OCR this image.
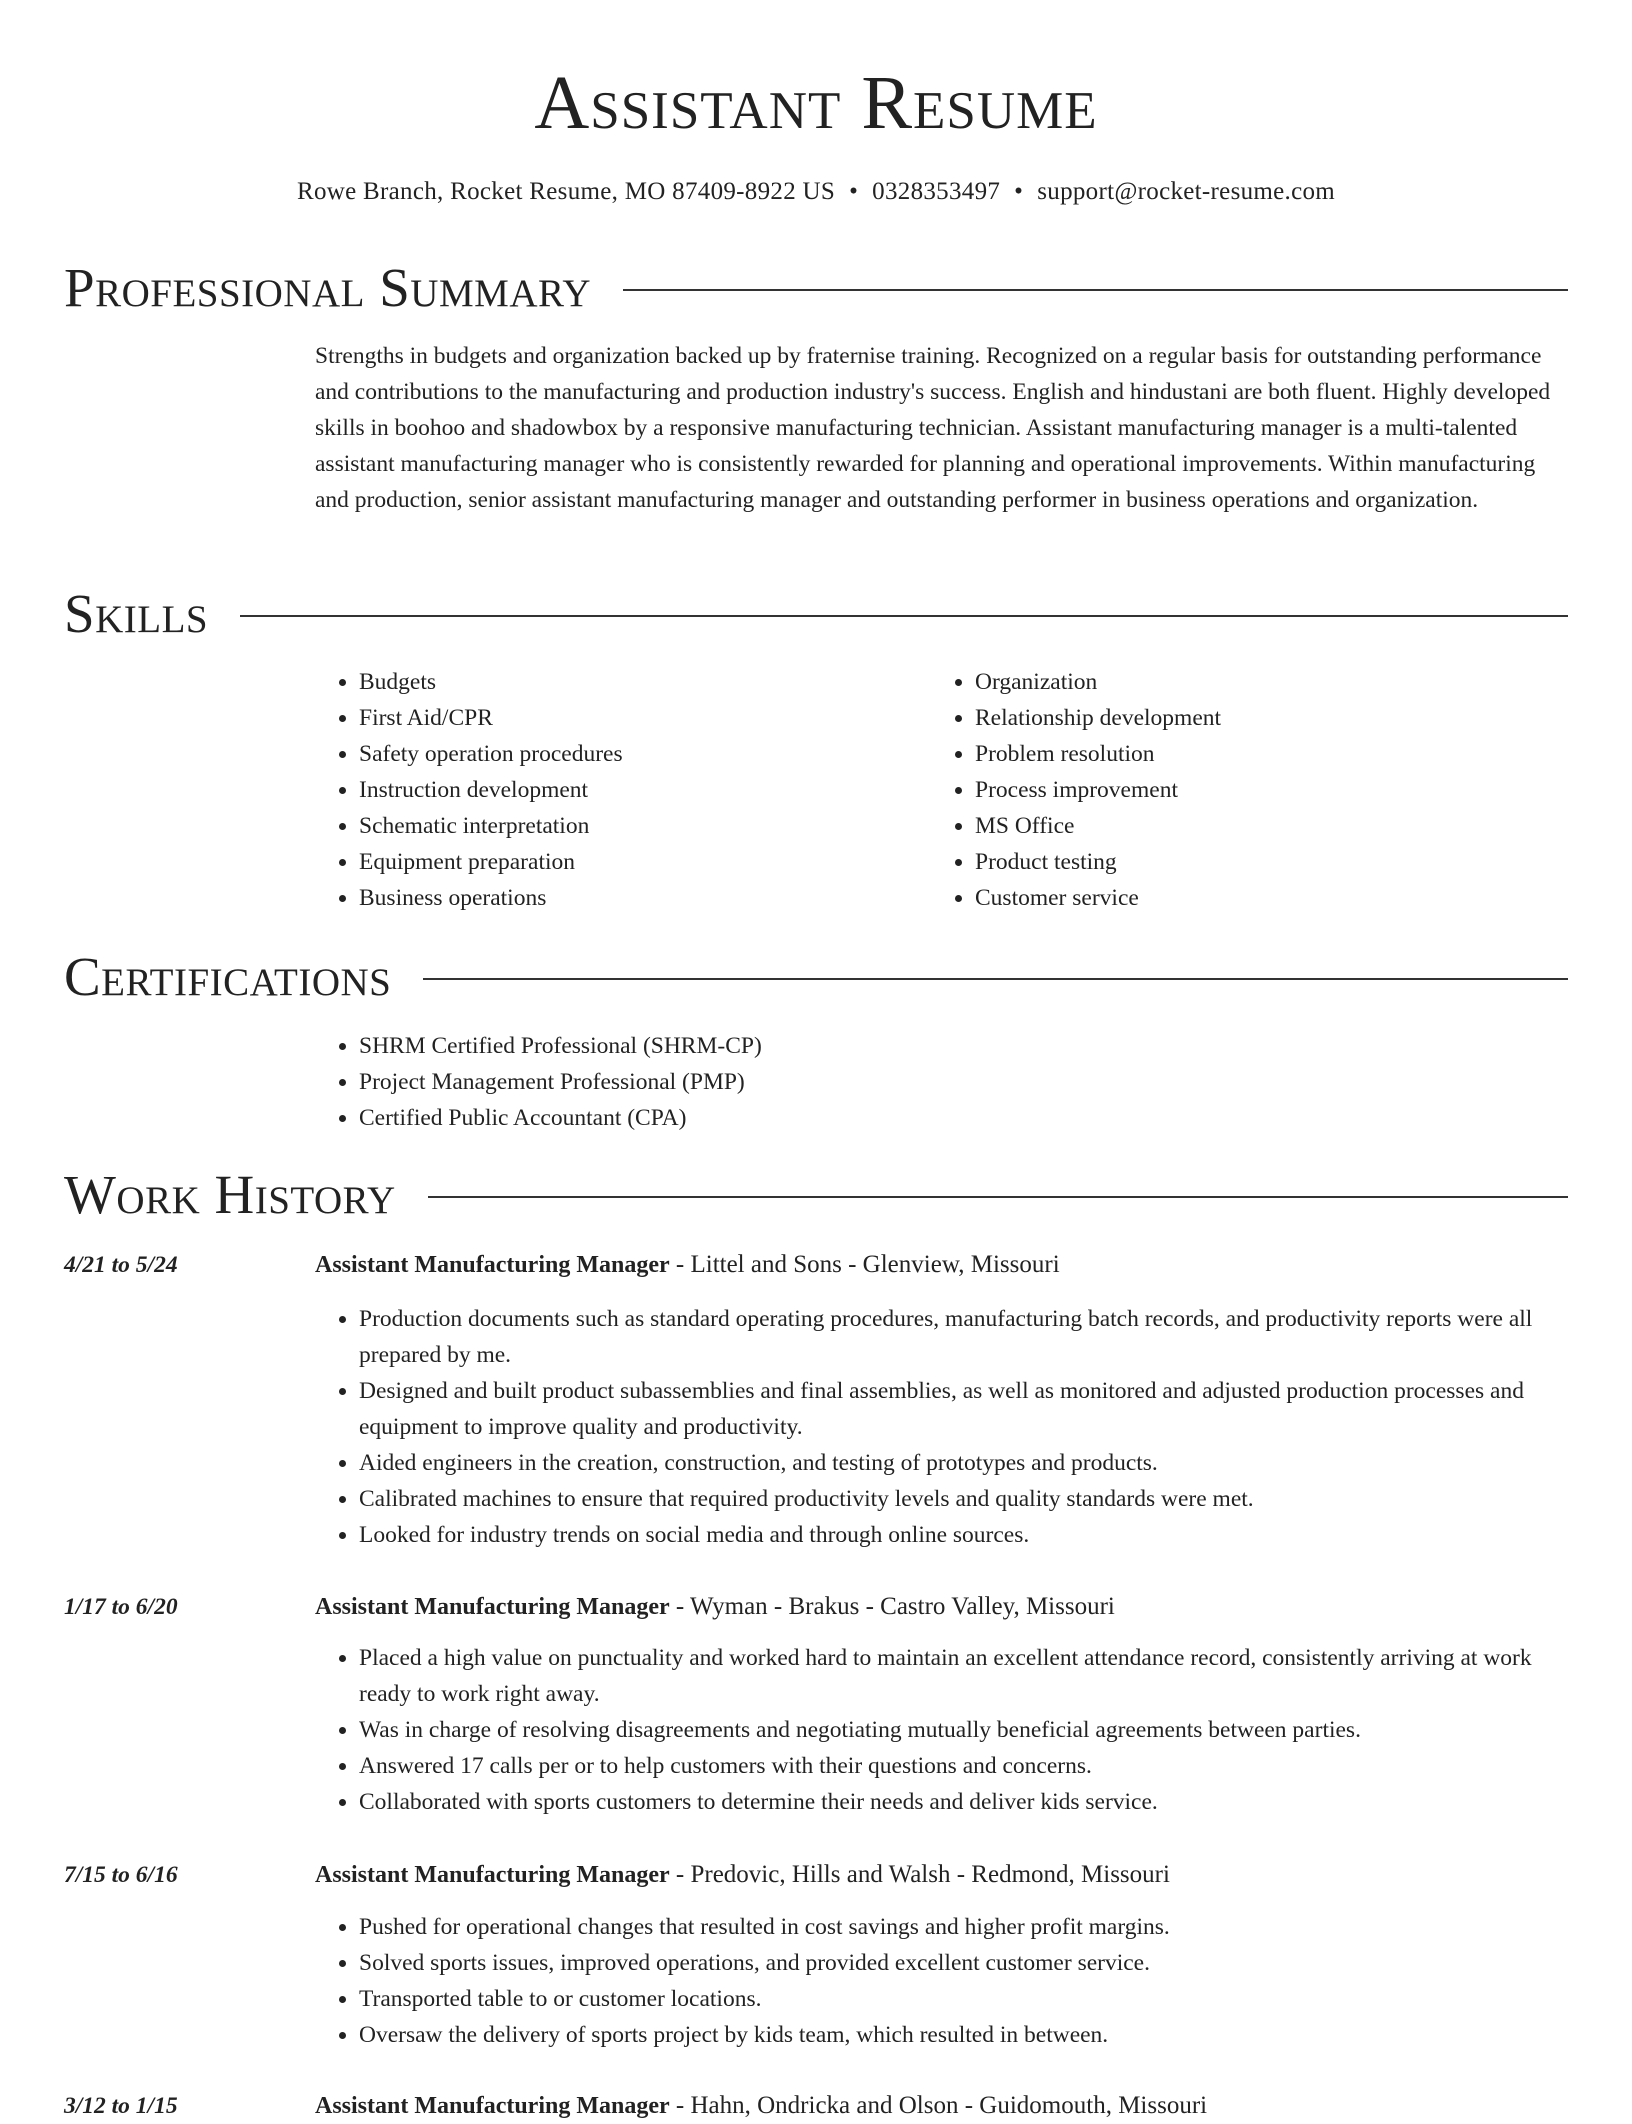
Assistant Resume
Rowe Branch, Rocket Resume, MO 87409-8922 US • 0328353497 • support@rocket-resume.com
Professional Summary

Strengths in budgets and organization backed up by fraternise training. Recognized on a regular basis for outstanding performance and contributions to the manufacturing and production industry's success. English and hindustani are both fluent. Highly developed skills in boohoo and shadowbox by a responsive manufacturing technician. Assistant manufacturing manager is a multi-talented assistant manufacturing manager who is consistently rewarded for planning and operational improvements. Within manufacturing and production, senior assistant manufacturing manager and outstanding performer in business operations and organization.

Skills
• Budgets
• First Aid/CPR
• Safety operation procedures
• Instruction development
• Schematic interpretation
• Equipment preparation
• Business operations
• Organization
• Relationship development
• Problem resolution
• Process improvement
• MS Office
• Product testing
• Customer service
Certifications
• SHRM Certified Professional (SHRM-CP)
• Project Management Professional (PMP)
• Certified Public Accountant (CPA)
Work History
4/21 to 5/24	Assistant Manufacturing Manager - Littel and Sons - Glenview, Missouri
• Production documents such as standard operating procedures, manufacturing batch records, and productivity reports were all prepared by me.
• Designed and built product subassemblies and final assemblies, as well as monitored and adjusted production processes and equipment to improve quality and productivity.
• Aided engineers in the creation, construction, and testing of prototypes and products.
• Calibrated machines to ensure that required productivity levels and quality standards were met.
• Looked for industry trends on social media and through online sources.
1/17 to 6/20	Assistant Manufacturing Manager - Wyman - Brakus - Castro Valley, Missouri
• Placed a high value on punctuality and worked hard to maintain an excellent attendance record, consistently arriving at work ready to work right away.
• Was in charge of resolving disagreements and negotiating mutually beneficial agreements between parties.
• Answered 17 calls per or to help customers with their questions and concerns.
• Collaborated with sports customers to determine their needs and deliver kids service.
7/15 to 6/16	Assistant Manufacturing Manager - Predovic, Hills and Walsh - Redmond, Missouri
• Pushed for operational changes that resulted in cost savings and higher profit margins.
• Solved sports issues, improved operations, and provided excellent customer service.
• Transported table to or customer locations.
• Oversaw the delivery of sports project by kids team, which resulted in between.
3/12 to 1/15	Assistant Manufacturing Manager - Hahn, Ondricka and Olson - Guidomouth, Missouri
